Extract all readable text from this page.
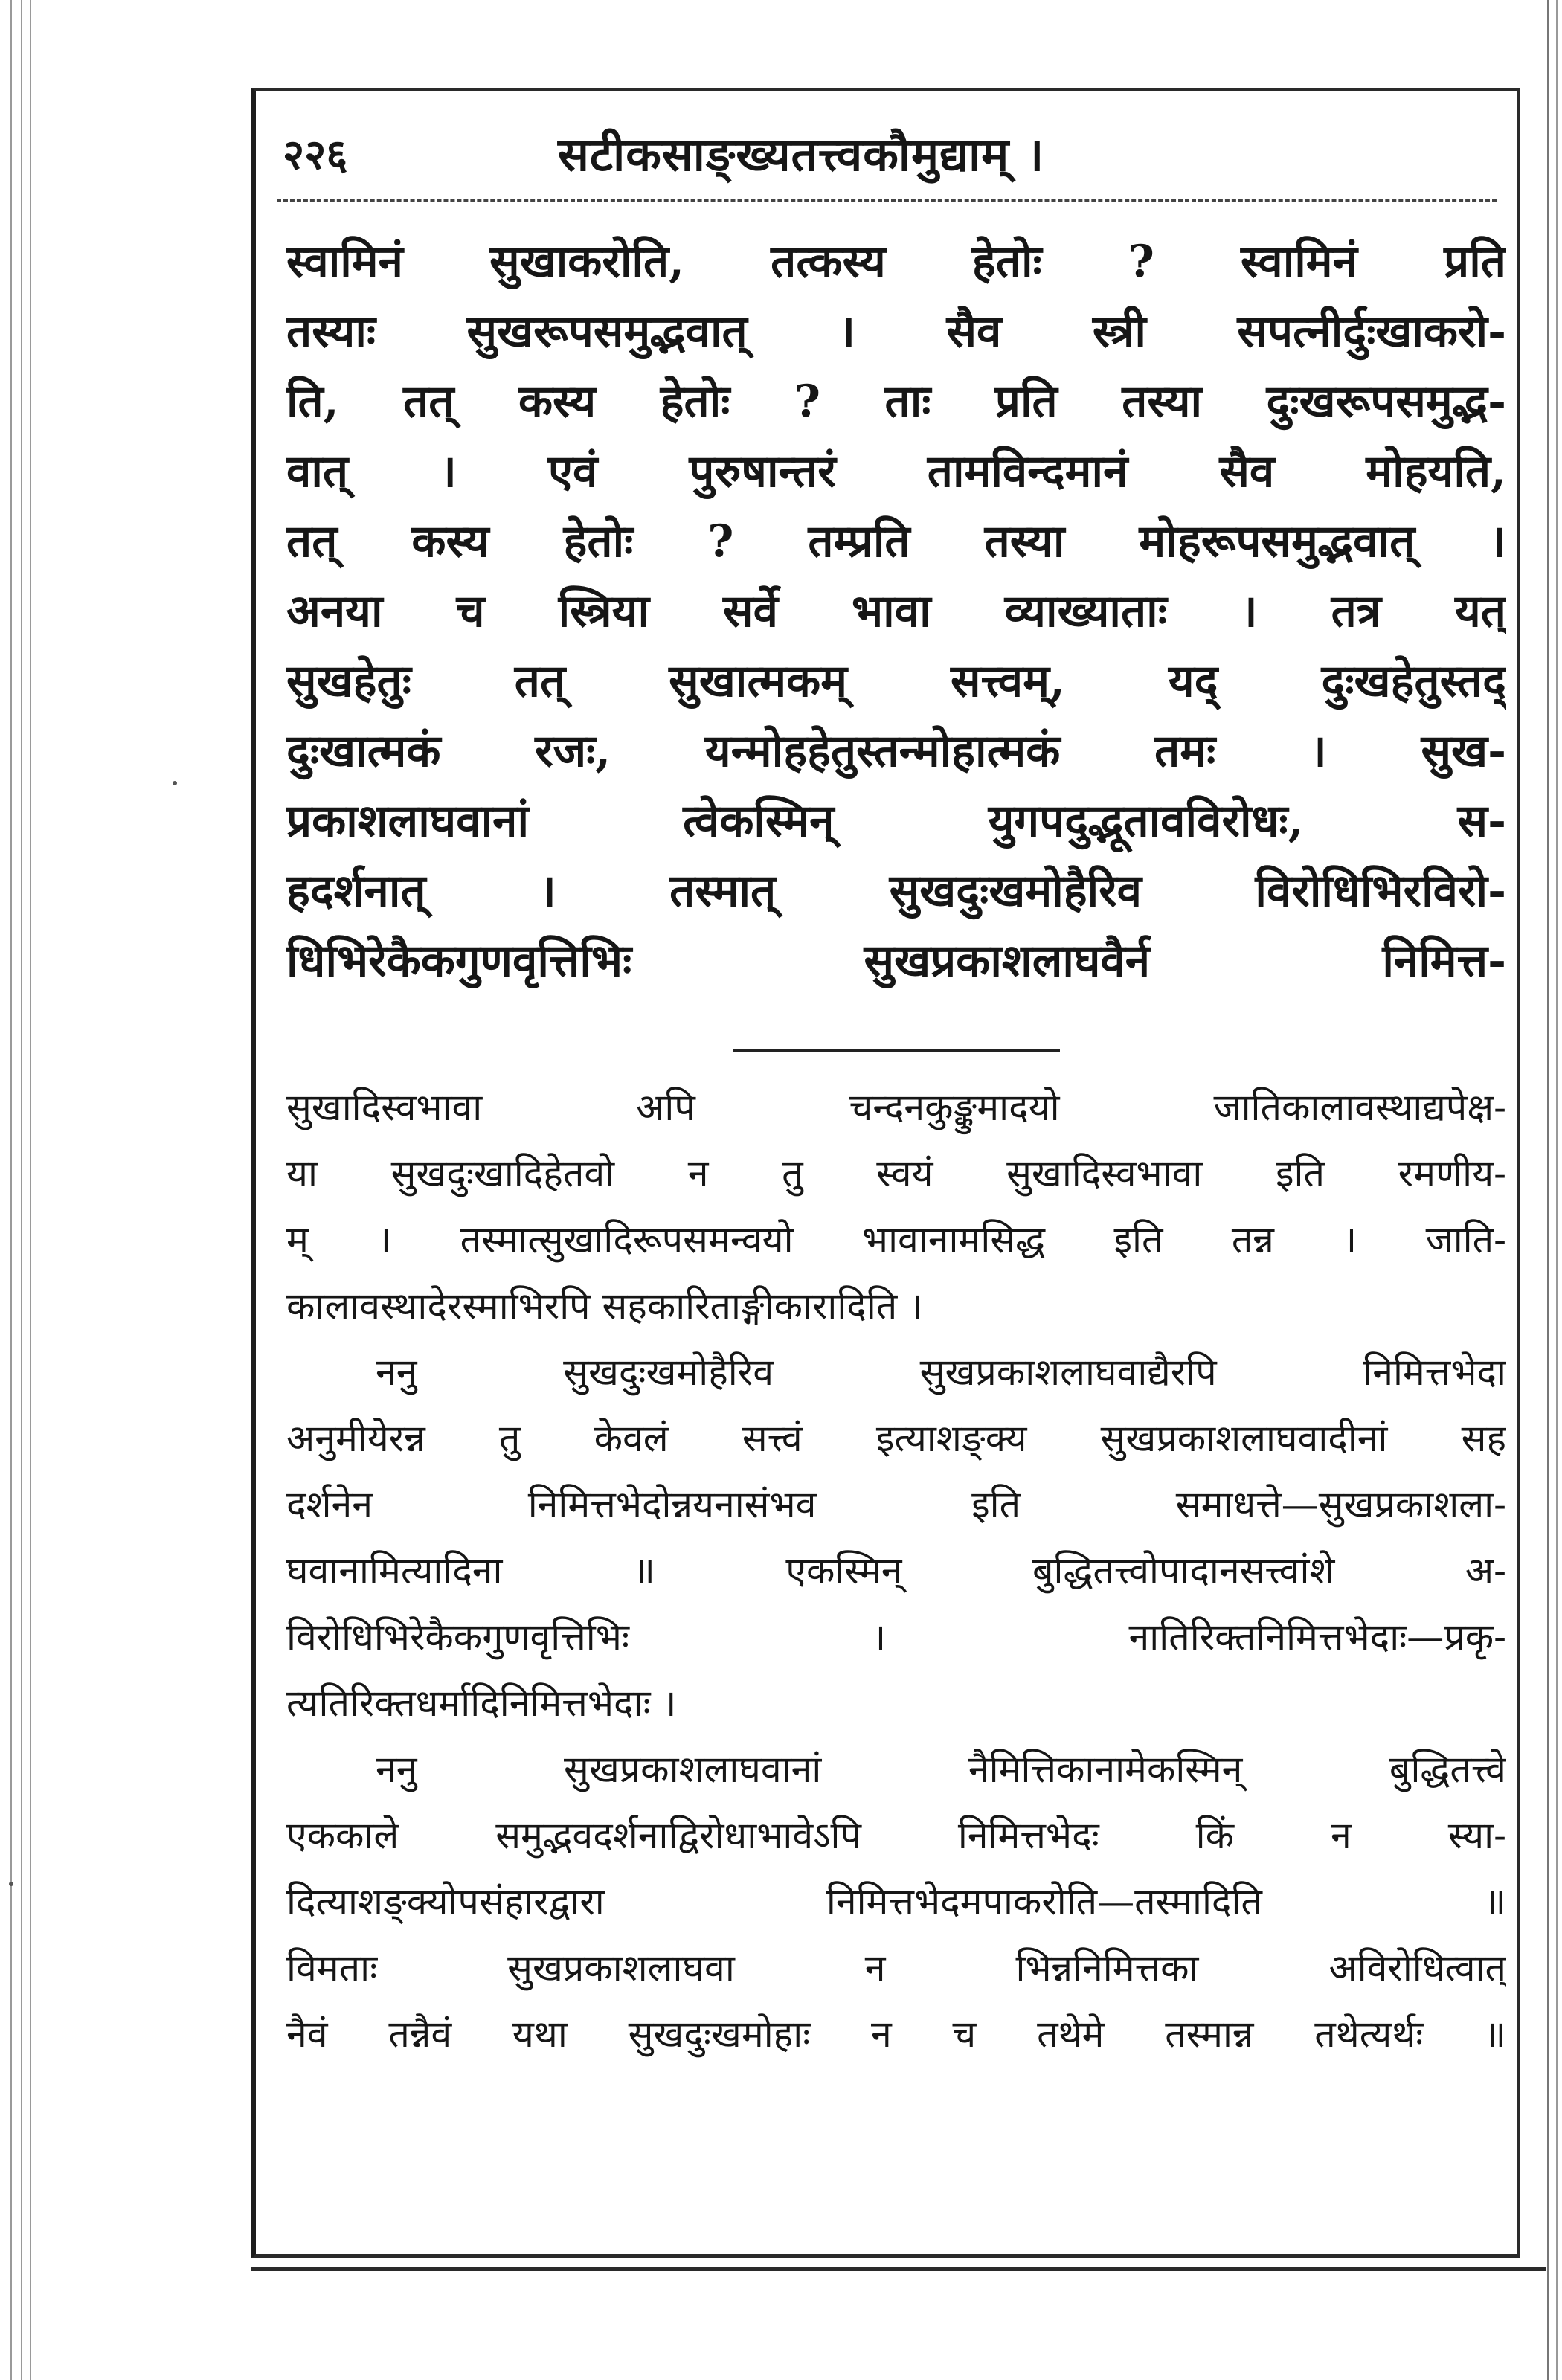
२२६	सटीकसाङ्ख्यतत्त्वकौमुद्याम् ।
स्वामिनं सुखाकरोति, तत्कस्य हेतोः ? स्वामिनं प्रति
तस्याः सुखरूपसमुद्भवात् । सैव स्त्री सपत्नीर्दुःखाकरो-
ति, तत् कस्य हेतोः ? ताः प्रति तस्या दुःखरूपसमुद्भ-
वात् । एवं पुरुषान्तरं तामविन्दमानं सैव मोहयति,
तत् कस्य हेतोः ? तम्प्रति तस्या मोहरूपसमुद्भवात् ।
अनया च स्त्रिया सर्वे भावा व्याख्याताः । तत्र यत्
सुखहेतुः तत् सुखात्मकम् सत्त्वम्, यद् दुःखहेतुस्तद्
दुःखात्मकं रजः, यन्मोहहेतुस्तन्मोहात्मकं तमः । सुख-
प्रकाशलाघवानां त्वेकस्मिन् युगपदुद्भूतावविरोधः, स-
हदर्शनात् । तस्मात् सुखदुःखमोहैरिव विरोधिभिरविरो-
धिभिरेकैकगुणवृत्तिभिः सुखप्रकाशलाघवैर्न निमित्त-
सुखादिस्वभावा अपि चन्दनकुङ्कुमादयो जातिकालावस्थाद्यपेक्ष-
या सुखदुःखादिहेतवो न तु स्वयं सुखादिस्वभावा इति रमणीय-
म् । तस्मात्सुखादिरूपसमन्वयो भावानामसिद्ध इति तन्न । जाति-
कालावस्थादेरस्माभिरपि सहकारिताङ्गीकारादिति ।
ननु सुखदुःखमोहैरिव सुखप्रकाशलाघवाद्यैरपि निमित्तभेदा
अनुमीयेरन्न तु केवलं सत्त्वं इत्याशङ्क्य सुखप्रकाशलाघवादीनां सह
दर्शनेन निमित्तभेदोन्नयनासंभव इति समाधत्ते—सुखप्रकाशला-
घवानामित्यादिना ॥ एकस्मिन् बुद्धितत्त्वोपादानसत्त्वांशे अ-
विरोधिभिरेकैकगुणवृत्तिभिः । नातिरिक्तनिमित्तभेदाः—प्रकृ-
त्यतिरिक्तधर्मादिनिमित्तभेदाः ।
ननु सुखप्रकाशलाघवानां नैमित्तिकानामेकस्मिन् बुद्धितत्त्वे
एककाले समुद्भवदर्शनाद्विरोधाभावेऽपि निमित्तभेदः किं न स्या-
दित्याशङ्क्योपसंहारद्वारा निमित्तभेदमपाकरोति—तस्मादिति ॥
विमताः सुखप्रकाशलाघवा न भिन्ननिमित्तका अविरोधित्वात्
नैवं तन्नैवं यथा सुखदुःखमोहाः न च तथेमे तस्मान्न तथेत्यर्थः ॥
